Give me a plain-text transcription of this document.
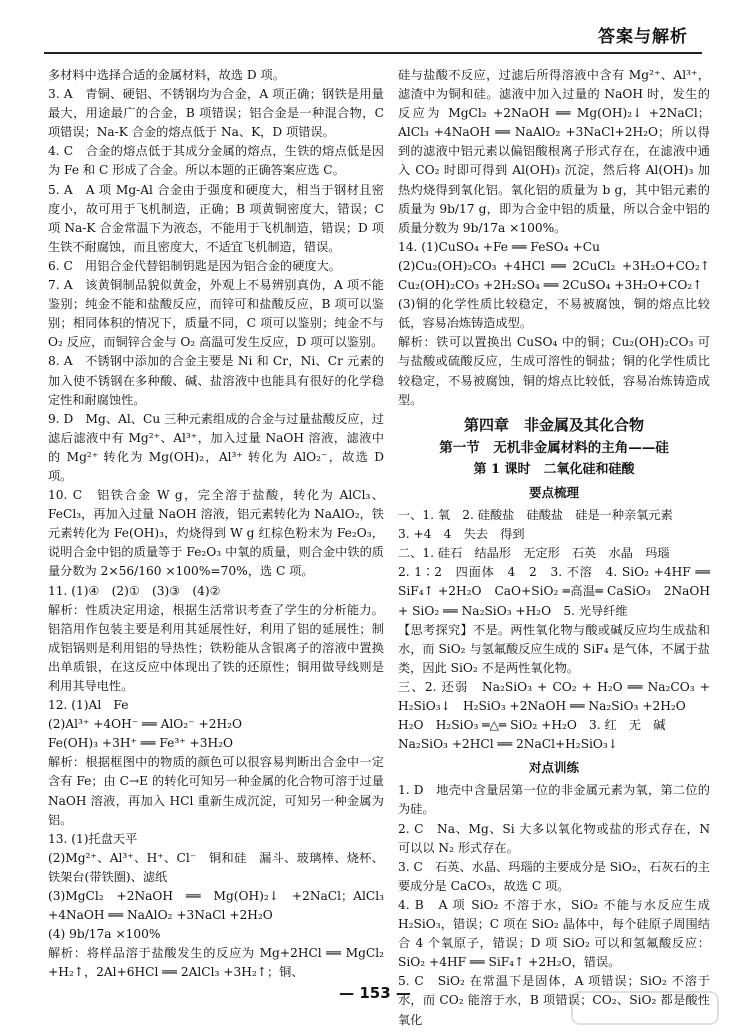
答案与解析

多材料中选择合适的金属材料，故选 D 项。

3. A　青铜、硬铝、不锈钢均为合金，A 项正确；钢铁是用量最大，用途最广的合金，B 项错误；铝合金是一种混合物，C 项错误；Na-K 合金的熔点低于 Na、K，D 项错误。

4. C　合金的熔点低于其成分金属的熔点，生铁的熔点低是因为 Fe 和 C 形成了合金。所以本题的正确答案应选 C。

5. A　A 项 Mg-Al 合金由于强度和硬度大，相当于钢材且密度小，故可用于飞机制造，正确；B 项黄铜密度大，错误；C 项 Na-K 合金常温下为液态，不能用于飞机制造，错误；D 项生铁不耐腐蚀，而且密度大，不适宜飞机制造，错误。

6. C　用铝合金代替铝制钥匙是因为铝合金的硬度大。

7. A　该黄铜制品貌似黄金，外观上不易辨别真伪，A 项不能鉴别；纯金不能和盐酸反应，而锌可和盐酸反应，B 项可以鉴别；相同体积的情况下，质量不同，C 项可以鉴别；纯金不与 O₂ 反应，而铜锌合金与 O₂ 高温可发生反应，D 项可以鉴别。

8. A　不锈钢中添加的合金主要是 Ni 和 Cr，Ni、Cr 元素的加入使不锈钢在多种酸、碱、盐溶液中也能具有很好的化学稳定性和耐腐蚀性。

9. D　Mg、Al、Cu 三种元素组成的合金与过量盐酸反应，过滤后滤液中有 Mg²⁺、Al³⁺，加入过量 NaOH 溶液，滤液中的 Mg²⁺ 转化为 Mg(OH)₂，Al³⁺ 转化为 AlO₂⁻，故选 D 项。

10. C　铝铁合金 W g，完全溶于盐酸，转化为 AlCl₃、FeCl₃，再加入过量 NaOH 溶液，铝元素转化为 NaAlO₂，铁元素转化为 Fe(OH)₃，灼烧得到 W g 红棕色粉末为 Fe₂O₃，说明合金中铝的质量等于 Fe₂O₃ 中氧的质量，则合金中铁的质量分数为 2×56/160 ×100%=70%，选 C 项。

11. (1)④　(2)①　(3)③　(4)②

解析：性质决定用途，根据生活常识考查了学生的分析能力。铝箔用作包装主要是利用其延展性好，利用了铝的延展性；制成铝锅则是利用铝的导热性；铁粉能从含银离子的溶液中置换出单质银，在这反应中体现出了铁的还原性；铜用做导线则是利用其导电性。

12. (1)Al　Fe

(2)Al³⁺ +4OH⁻ ══ AlO₂⁻ +2H₂O

Fe(OH)₃ +3H⁺ ══ Fe³⁺ +3H₂O

解析：根据框图中的物质的颜色可以很容易判断出合金中一定含有 Fe；由 C→E 的转化可知另一种金属的化合物可溶于过量 NaOH 溶液，再加入 HCl 重新生成沉淀，可知另一种金属为铝。

13. (1)托盘天平

(2)Mg²⁺、Al³⁺、H⁺、Cl⁻　铜和硅　漏斗、玻璃棒、烧杯、铁架台(带铁圈)、滤纸

(3)MgCl₂ +2NaOH ══ Mg(OH)₂↓ +2NaCl；AlCl₃ +4NaOH ══ NaAlO₂ +3NaCl +2H₂O

(4) 9b/17a ×100%

解析：将样品溶于盐酸发生的反应为 Mg+2HCl ══ MgCl₂ +H₂↑，2Al+6HCl ══ 2AlCl₃ +3H₂↑；铜、

硅与盐酸不反应，过滤后所得溶液中含有 Mg²⁺、Al³⁺，滤渣中为铜和硅。滤液中加入过量的 NaOH 时，发生的反应为 MgCl₂ +2NaOH ══ Mg(OH)₂↓ +2NaCl；AlCl₃ +4NaOH ══ NaAlO₂ +3NaCl+2H₂O；所以得到的滤液中铝元素以偏铝酸根离子形式存在，在滤液中通入 CO₂ 时即可得到 Al(OH)₃ 沉淀，然后将 Al(OH)₃ 加热灼烧得到氧化铝。氧化铝的质量为 b g，其中铝元素的质量为 9b/17 g，即为合金中铝的质量，所以合金中铝的质量分数为 9b/17a ×100%。

14. (1)CuSO₄ +Fe ══ FeSO₄ +Cu

(2)Cu₂(OH)₂CO₃ +4HCl ══ 2CuCl₂ +3H₂O+CO₂↑　Cu₂(OH)₂CO₃ +2H₂SO₄ ══ 2CuSO₄ +3H₂O+CO₂↑

(3)铜的化学性质比较稳定，不易被腐蚀，铜的熔点比较低，容易冶炼铸造成型。

解析：铁可以置换出 CuSO₄ 中的铜；Cu₂(OH)₂CO₃ 可与盐酸或硫酸反应，生成可溶性的铜盐；铜的化学性质比较稳定，不易被腐蚀，铜的熔点比较低，容易冶炼铸造成型。

第四章　非金属及其化合物
第一节　无机非金属材料的主角——硅
第 1 课时　二氧化硅和硅酸
要点梳理

一、1. 氧　2. 硅酸盐　硅酸盐　硅是一种亲氧元素

3. +4　4　失去　得到

二、1. 硅石　结晶形　无定形　石英　水晶　玛瑙

2. 1∶2　四面体　4　2　3. 不溶　4. SiO₂ +4HF ══ SiF₄↑ +2H₂O　CaO+SiO₂ ═高温═ CaSiO₃　2NaOH + SiO₂ ══ Na₂SiO₃ +H₂O　5. 光导纤维

【思考探究】不是。两性氧化物与酸或碱反应均生成盐和水，而 SiO₂ 与氢氟酸反应生成的 SiF₄ 是气体，不属于盐类，因此 SiO₂ 不是两性氧化物。

三、2. 还弱　Na₂SiO₃ + CO₂ + H₂O ══ Na₂CO₃ + H₂SiO₃↓　H₂SiO₃ +2NaOH ══ Na₂SiO₃ +2H₂O

H₂O　H₂SiO₃ ═△═ SiO₂ +H₂O　3. 红　无　碱

Na₂SiO₃ +2HCl ══ 2NaCl+H₂SiO₃↓

对点训练

1. D　地壳中含量居第一位的非金属元素为氧，第二位的为硅。

2. C　Na、Mg、Si 大多以氧化物或盐的形式存在，N 可以以 N₂ 形式存在。

3. C　石英、水晶、玛瑙的主要成分是 SiO₂，石灰石的主要成分是 CaCO₃，故选 C 项。

4. B　A 项 SiO₂ 不溶于水，SiO₂ 不能与水反应生成 H₂SiO₃，错误；C 项在 SiO₂ 晶体中，每个硅原子周围结合 4 个氧原子，错误；D 项 SiO₂ 可以和氢氟酸反应：SiO₂ +4HF ══ SiF₄↑ +2H₂O，错误。

5. C　SiO₂ 在常温下是固体，A 项错误；SiO₂ 不溶于水，而 CO₂ 能溶于水，B 项错误；CO₂、SiO₂ 都是酸性氧化

— 153 —
